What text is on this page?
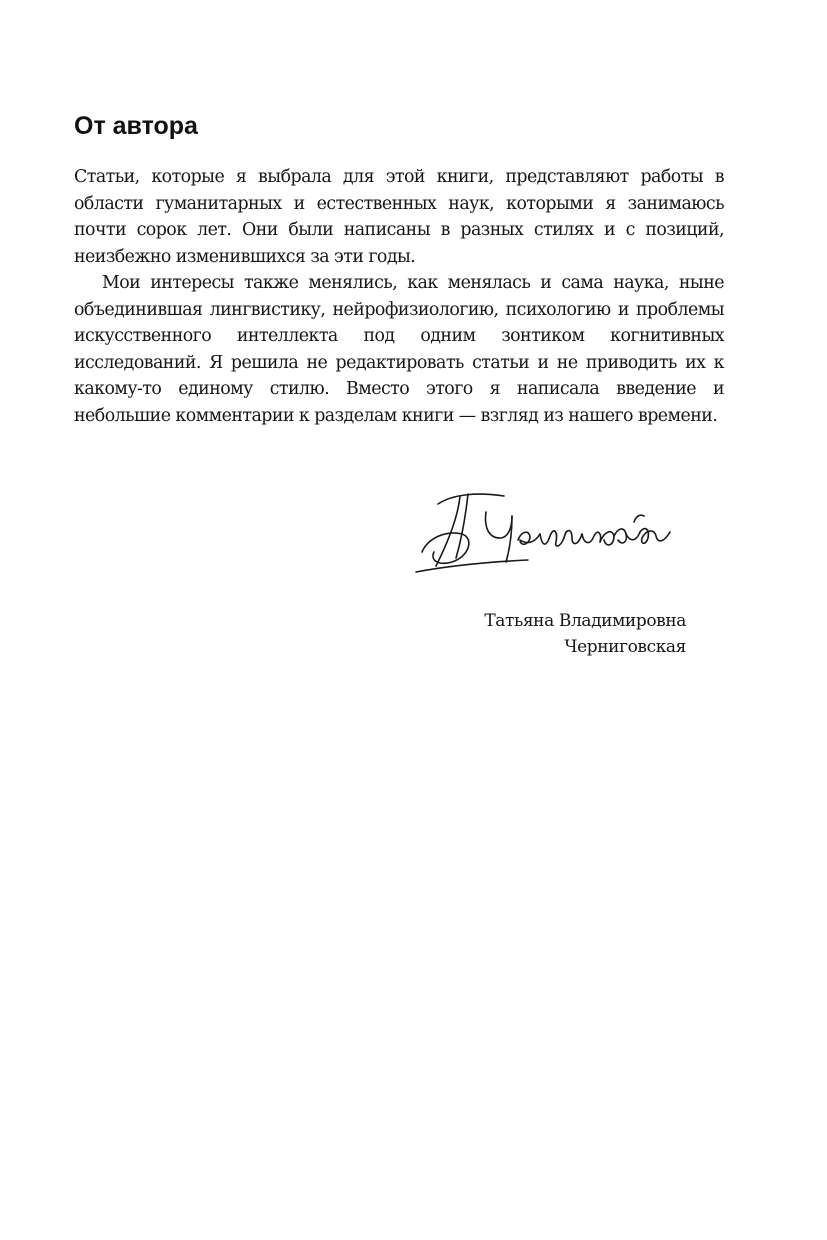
От автора

Статьи, которые я выбрала для этой книги, представляют работы в области гуманитарных и естественных наук, которыми я занимаюсь почти сорок лет. Они были написаны в разных стилях и с позиций, неизбежно изменившихся за эти годы.

Мои интересы также менялись, как менялась и сама наука, ныне объединившая лингвистику, нейрофизиологию, психологию и проблемы искусственного интеллекта под одним зонтиком когнитивных исследований. Я решила не редактировать статьи и не приводить их к какому-то единому стилю. Вместо этого я написала введение и небольшие комментарии к разделам книги — взгляд из нашего времени.

Татьяна Владимировна
Черниговская
